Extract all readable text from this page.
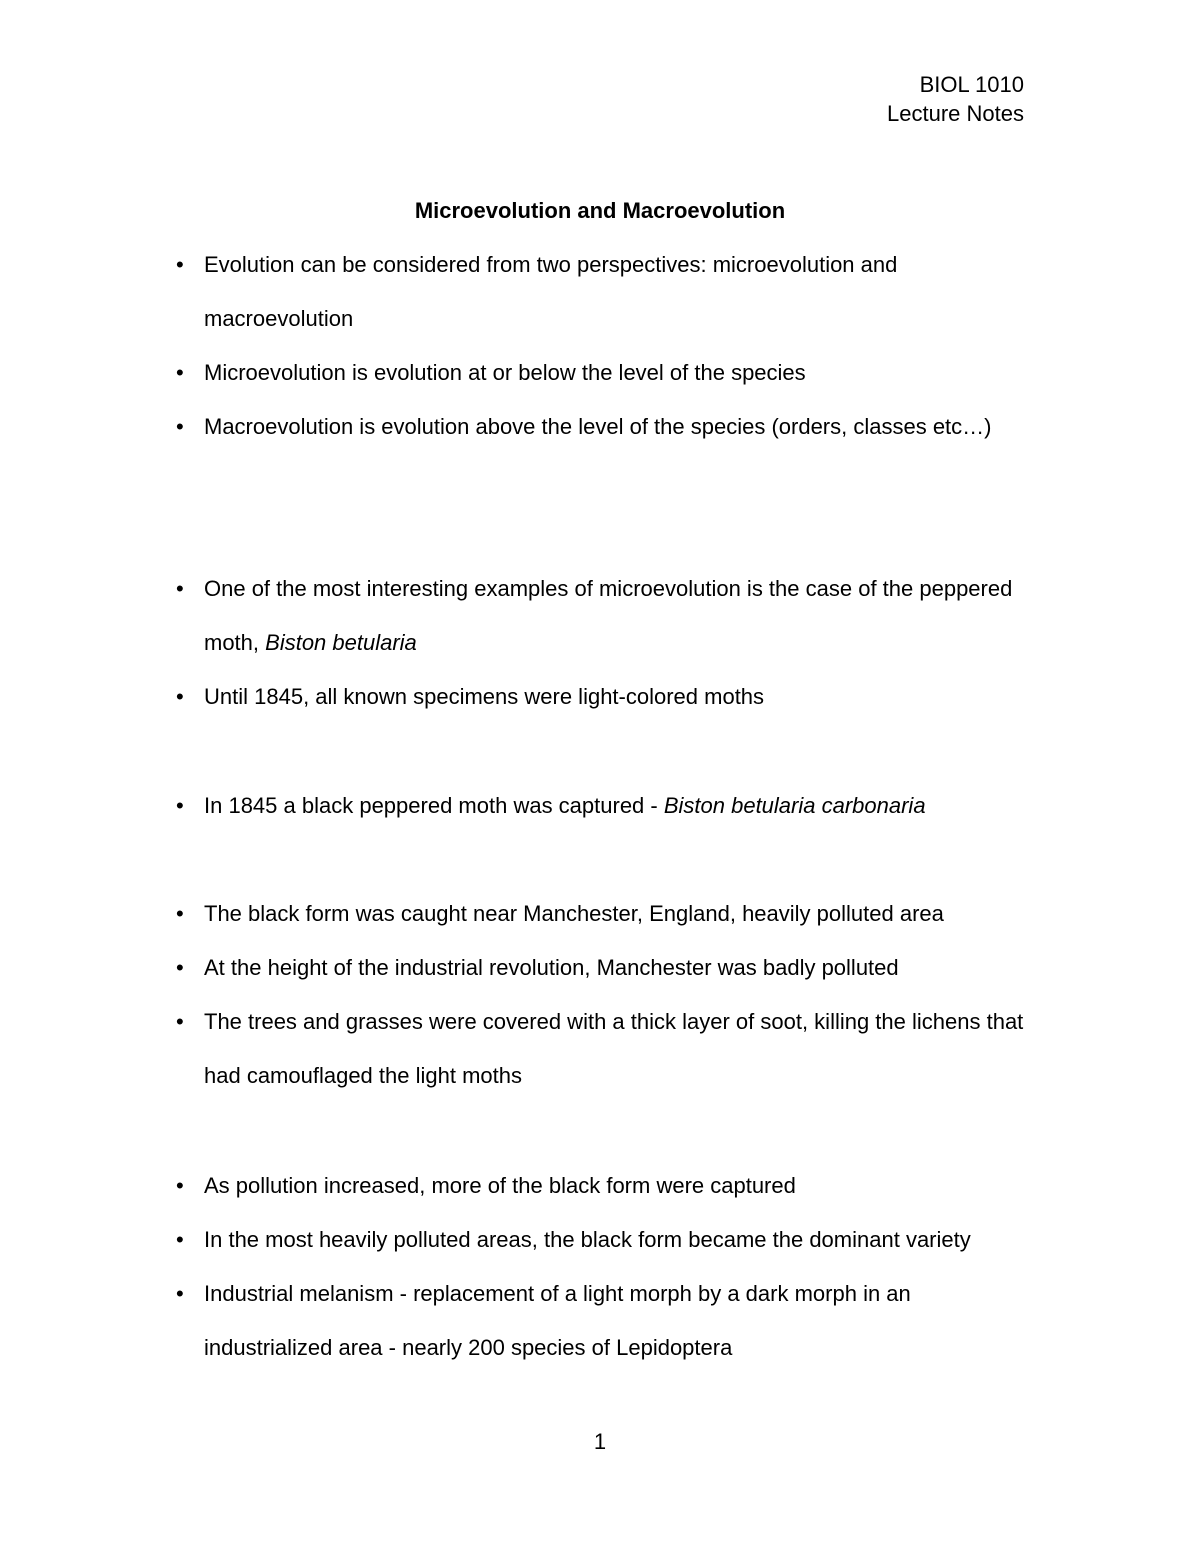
BIOL 1010
Lecture Notes
Microevolution and Macroevolution
• Evolution can be considered from two perspectives: microevolution and macroevolution
• Microevolution is evolution at or below the level of the species
• Macroevolution is evolution above the level of the species (orders, classes etc…)
• One of the most interesting examples of microevolution is the case of the peppered moth, Biston betularia
• Until 1845, all known specimens were light-colored moths
• In 1845 a black peppered moth was captured - Biston betularia carbonaria
• The black form was caught near Manchester, England, heavily polluted area
• At the height of the industrial revolution, Manchester was badly polluted
• The trees and grasses were covered with a thick layer of soot, killing the lichens that had camouflaged the light moths
• As pollution increased, more of the black form were captured
• In the most heavily polluted areas, the black form became the dominant variety
• Industrial melanism - replacement of a light morph by a dark morph in an industrialized area - nearly 200 species of Lepidoptera
1
